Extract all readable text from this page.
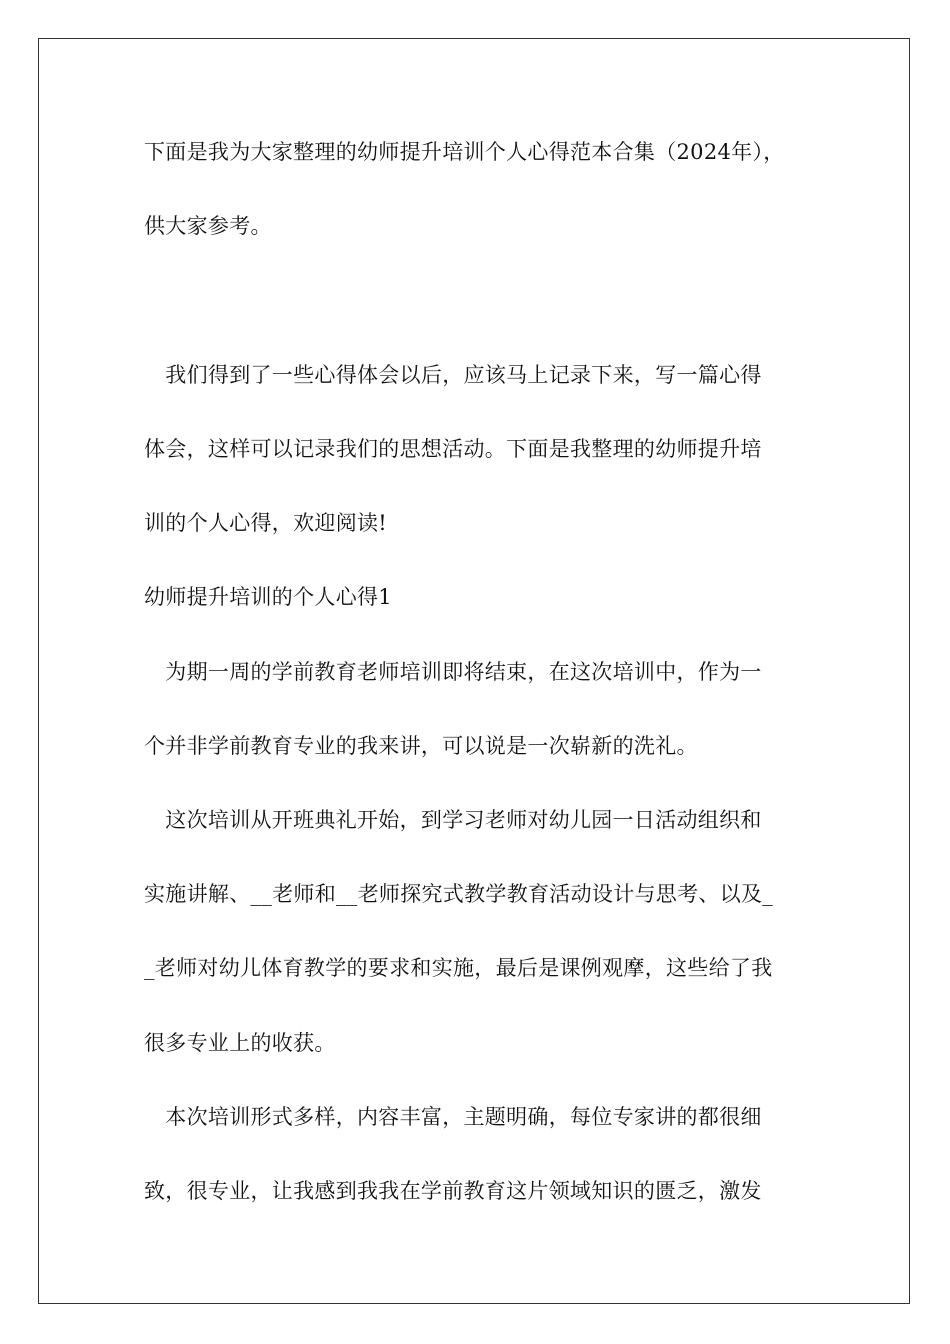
下面是我为大家整理的幼师提升培训个人心得范本合集（2024年），
供大家参考。
　我们得到了一些心得体会以后，应该马上记录下来，写一篇心得
体会，这样可以记录我们的思想活动。下面是我整理的幼师提升培
训的个人心得，欢迎阅读!
幼师提升培训的个人心得1
　为期一周的学前教育老师培训即将结束，在这次培训中，作为一
个并非学前教育专业的我来讲，可以说是一次崭新的洗礼。
　这次培训从开班典礼开始，到学习老师对幼儿园一日活动组织和
实施讲解、__老师和__老师探究式教学教育活动设计与思考、以及_
_老师对幼儿体育教学的要求和实施，最后是课例观摩，这些给了我
很多专业上的收获。
　本次培训形式多样，内容丰富，主题明确，每位专家讲的都很细
致，很专业，让我感到我我在学前教育这片领域知识的匮乏，激发
